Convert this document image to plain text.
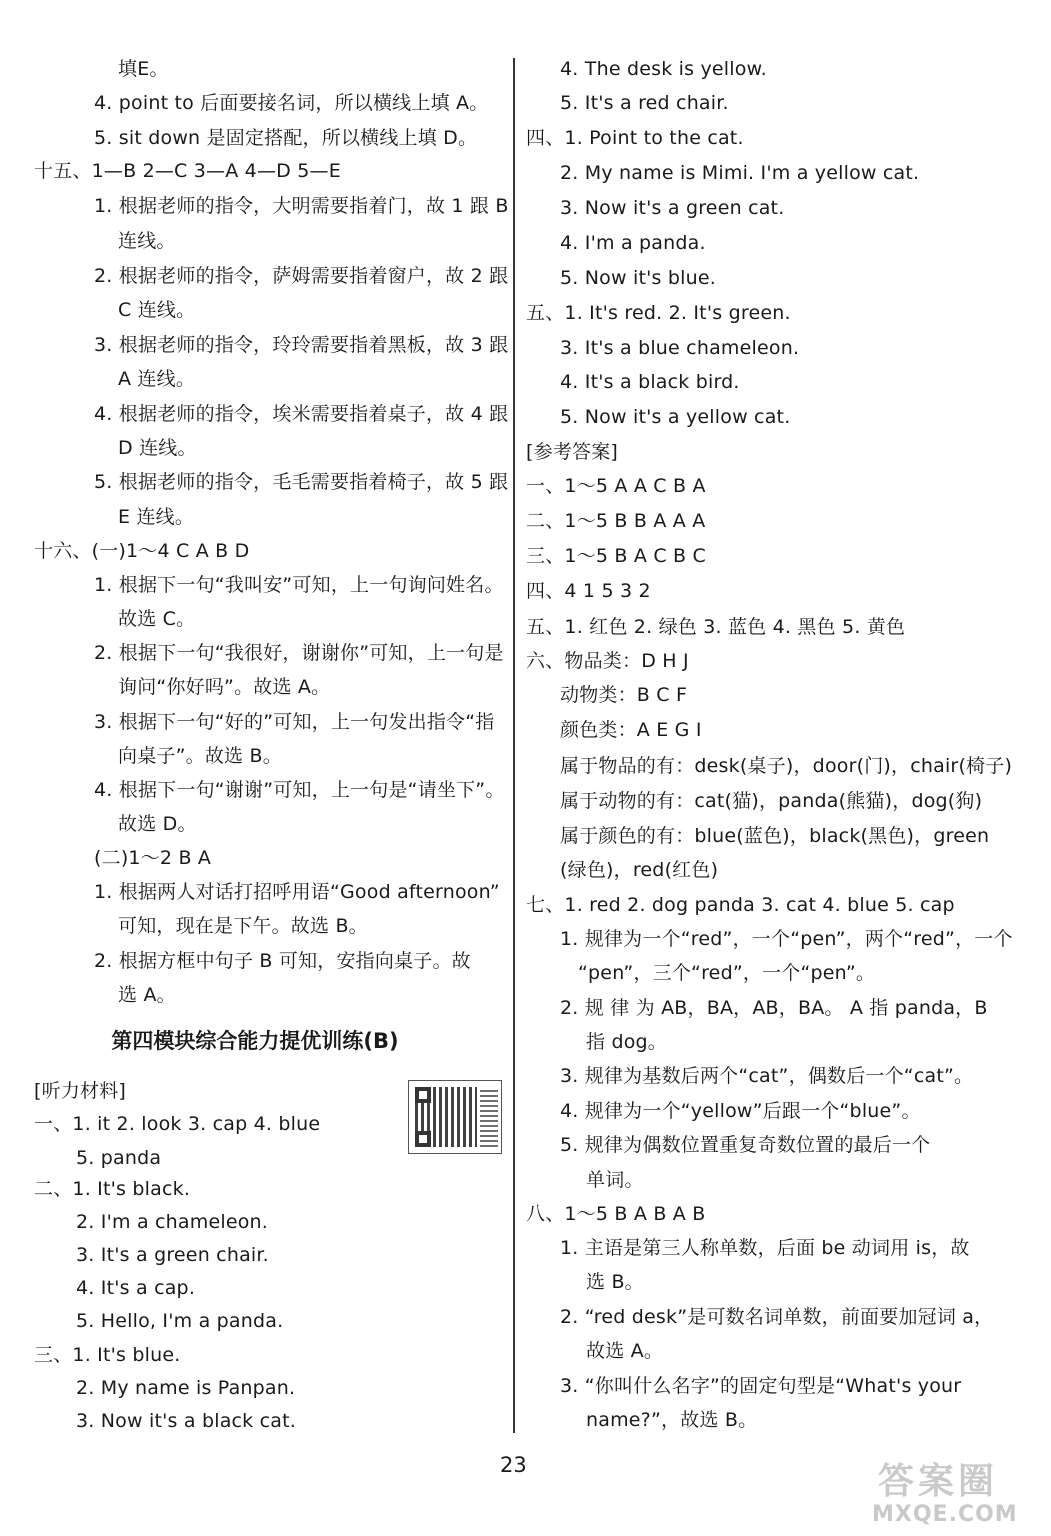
填E。
4. point to 后面要接名词，所以横线上填 A。
5. sit down 是固定搭配，所以横线上填 D。
十五、1—B 2—C 3—A 4—D 5—E
1. 根据老师的指令，大明需要指着门，故 1 跟 B
连线。
2. 根据老师的指令，萨姆需要指着窗户，故 2 跟
C 连线。
3. 根据老师的指令，玲玲需要指着黑板，故 3 跟
A 连线。
4. 根据老师的指令，埃米需要指着桌子，故 4 跟
D 连线。
5. 根据老师的指令，毛毛需要指着椅子，故 5 跟
E 连线。
十六、(一)1～4 C A B D
1. 根据下一句“我叫安”可知，上一句询问姓名。
故选 C。
2. 根据下一句“我很好，谢谢你”可知，上一句是
询问“你好吗”。故选 A。
3. 根据下一句“好的”可知，上一句发出指令“指
向桌子”。故选 B。
4. 根据下一句“谢谢”可知，上一句是“请坐下”。
故选 D。
(二)1～2 B A
1. 根据两人对话打招呼用语“Good afternoon”
可知，现在是下午。故选 B。
2. 根据方框中句子 B 可知，安指向桌子。故
选 A。
第四模块综合能力提优训练(B)
[听力材料]
一、1. it 2. look 3. cap 4. blue
5. panda
二、1. It's black.
2. I'm a chameleon.
3. It's a green chair.
4. It's a cap.
5. Hello, I'm a panda.
三、1. It's blue.
2. My name is Panpan.
3. Now it's a black cat.
4. The desk is yellow.
5. It's a red chair.
四、1. Point to the cat.
2. My name is Mimi. I'm a yellow cat.
3. Now it's a green cat.
4. I'm a panda.
5. Now it's blue.
五、1. It's red. 2. It's green.
3. It's a blue chameleon.
4. It's a black bird.
5. Now it's a yellow cat.
[参考答案]
一、1～5 A A C B A
二、1～5 B B A A A
三、1～5 B A C B C
四、4 1 5 3 2
五、1. 红色 2. 绿色 3. 蓝色 4. 黑色 5. 黄色
六、物品类：D H J
动物类：B C F
颜色类：A E G I
属于物品的有：desk(桌子)，door(门)，chair(椅子)
属于动物的有：cat(猫)，panda(熊猫)，dog(狗)
属于颜色的有：blue(蓝色)，black(黑色)，green
(绿色)，red(红色)
七、1. red 2. dog panda 3. cat 4. blue 5. cap
1. 规律为一个“red”，一个“pen”，两个“red”，一个
“pen”，三个“red”，一个“pen”。
2. 规 律 为 AB，BA，AB，BA。 A 指 panda，B
指 dog。
3. 规律为基数后两个“cat”，偶数后一个“cat”。
4. 规律为一个“yellow”后跟一个“blue”。
5. 规律为偶数位置重复奇数位置的最后一个
单词。
八、1～5 B A B A B
1. 主语是第三人称单数，后面 be 动词用 is，故
选 B。
2. “red desk”是可数名词单数，前面要加冠词 a，
故选 A。
3. “你叫什么名字”的固定句型是“What's your
name?”，故选 B。
23	答案圈
MXQE.COM
